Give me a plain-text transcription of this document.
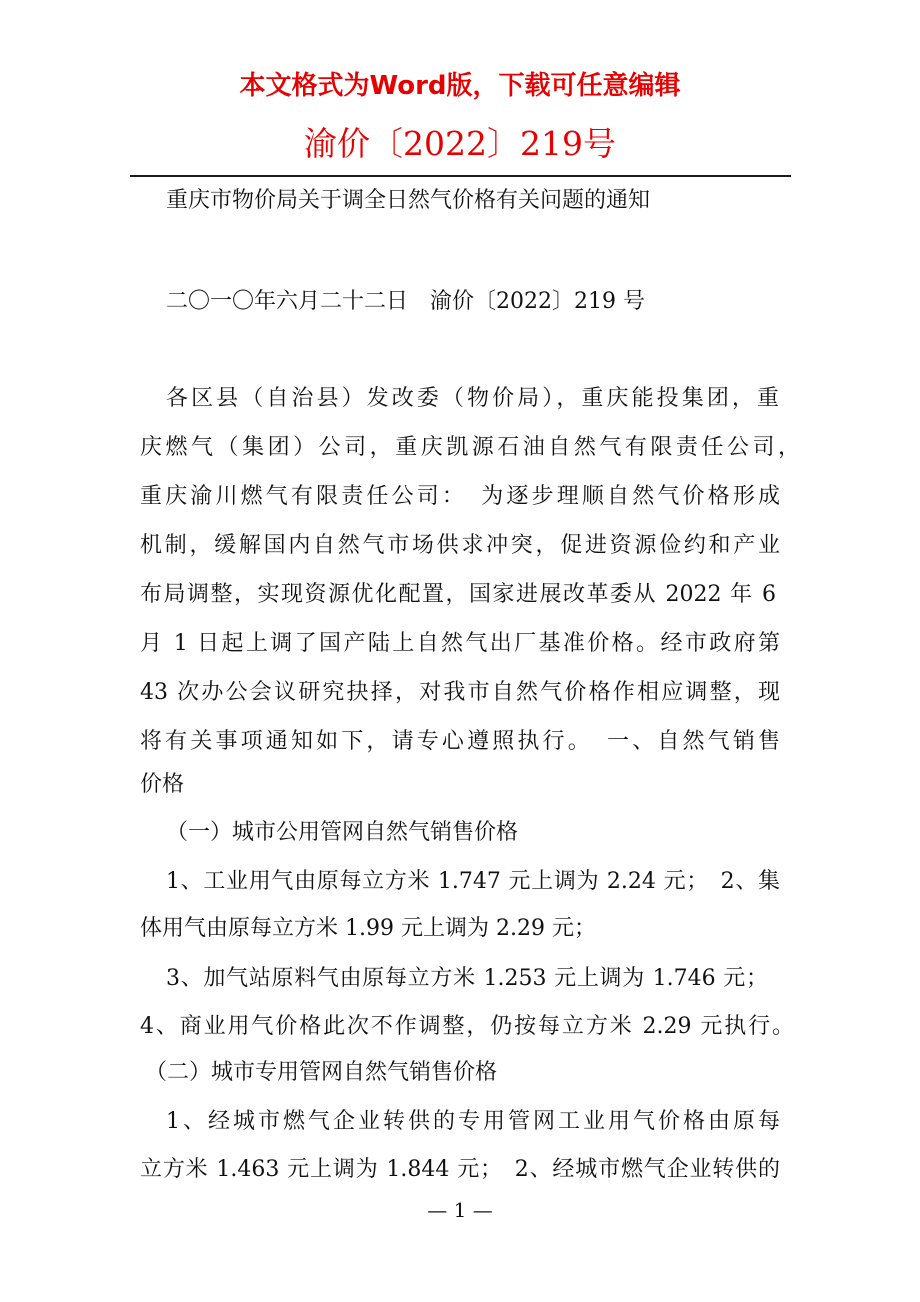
本文格式为Word版，下载可任意编辑
渝价〔2022〕219号
重庆市物价局关于调全日然气价格有关问题的通知
二〇一〇年六月二十二日　渝价〔2022〕219 号
各区县（自治县）发改委（物价局），重庆能投集团，重
庆燃气（集团）公司，重庆凯源石油自然气有限责任公司，
重庆渝川燃气有限责任公司：　为逐步理顺自然气价格形成
机制，缓解国内自然气市场供求冲突，促进资源俭约和产业
布局调整，实现资源优化配置，国家进展改革委从 2022 年 6
月 1 日起上调了国产陆上自然气出厂基准价格。经市政府第
43 次办公会议研究抉择，对我市自然气价格作相应调整，现
将有关事项通知如下，请专心遵照执行。　一、自然气销售
价格
（一）城市公用管网自然气销售价格
1、工业用气由原每立方米 1.747 元上调为 2.24 元；　2、集
体用气由原每立方米 1.99 元上调为 2.29 元；
3、加气站原料气由原每立方米 1.253 元上调为 1.746 元；
4、商业用气价格此次不作调整，仍按每立方米 2.29 元执行。
（二）城市专用管网自然气销售价格
1、经城市燃气企业转供的专用管网工业用气价格由原每
立方米 1.463 元上调为 1.844 元；　2、经城市燃气企业转供的
— 1 —
